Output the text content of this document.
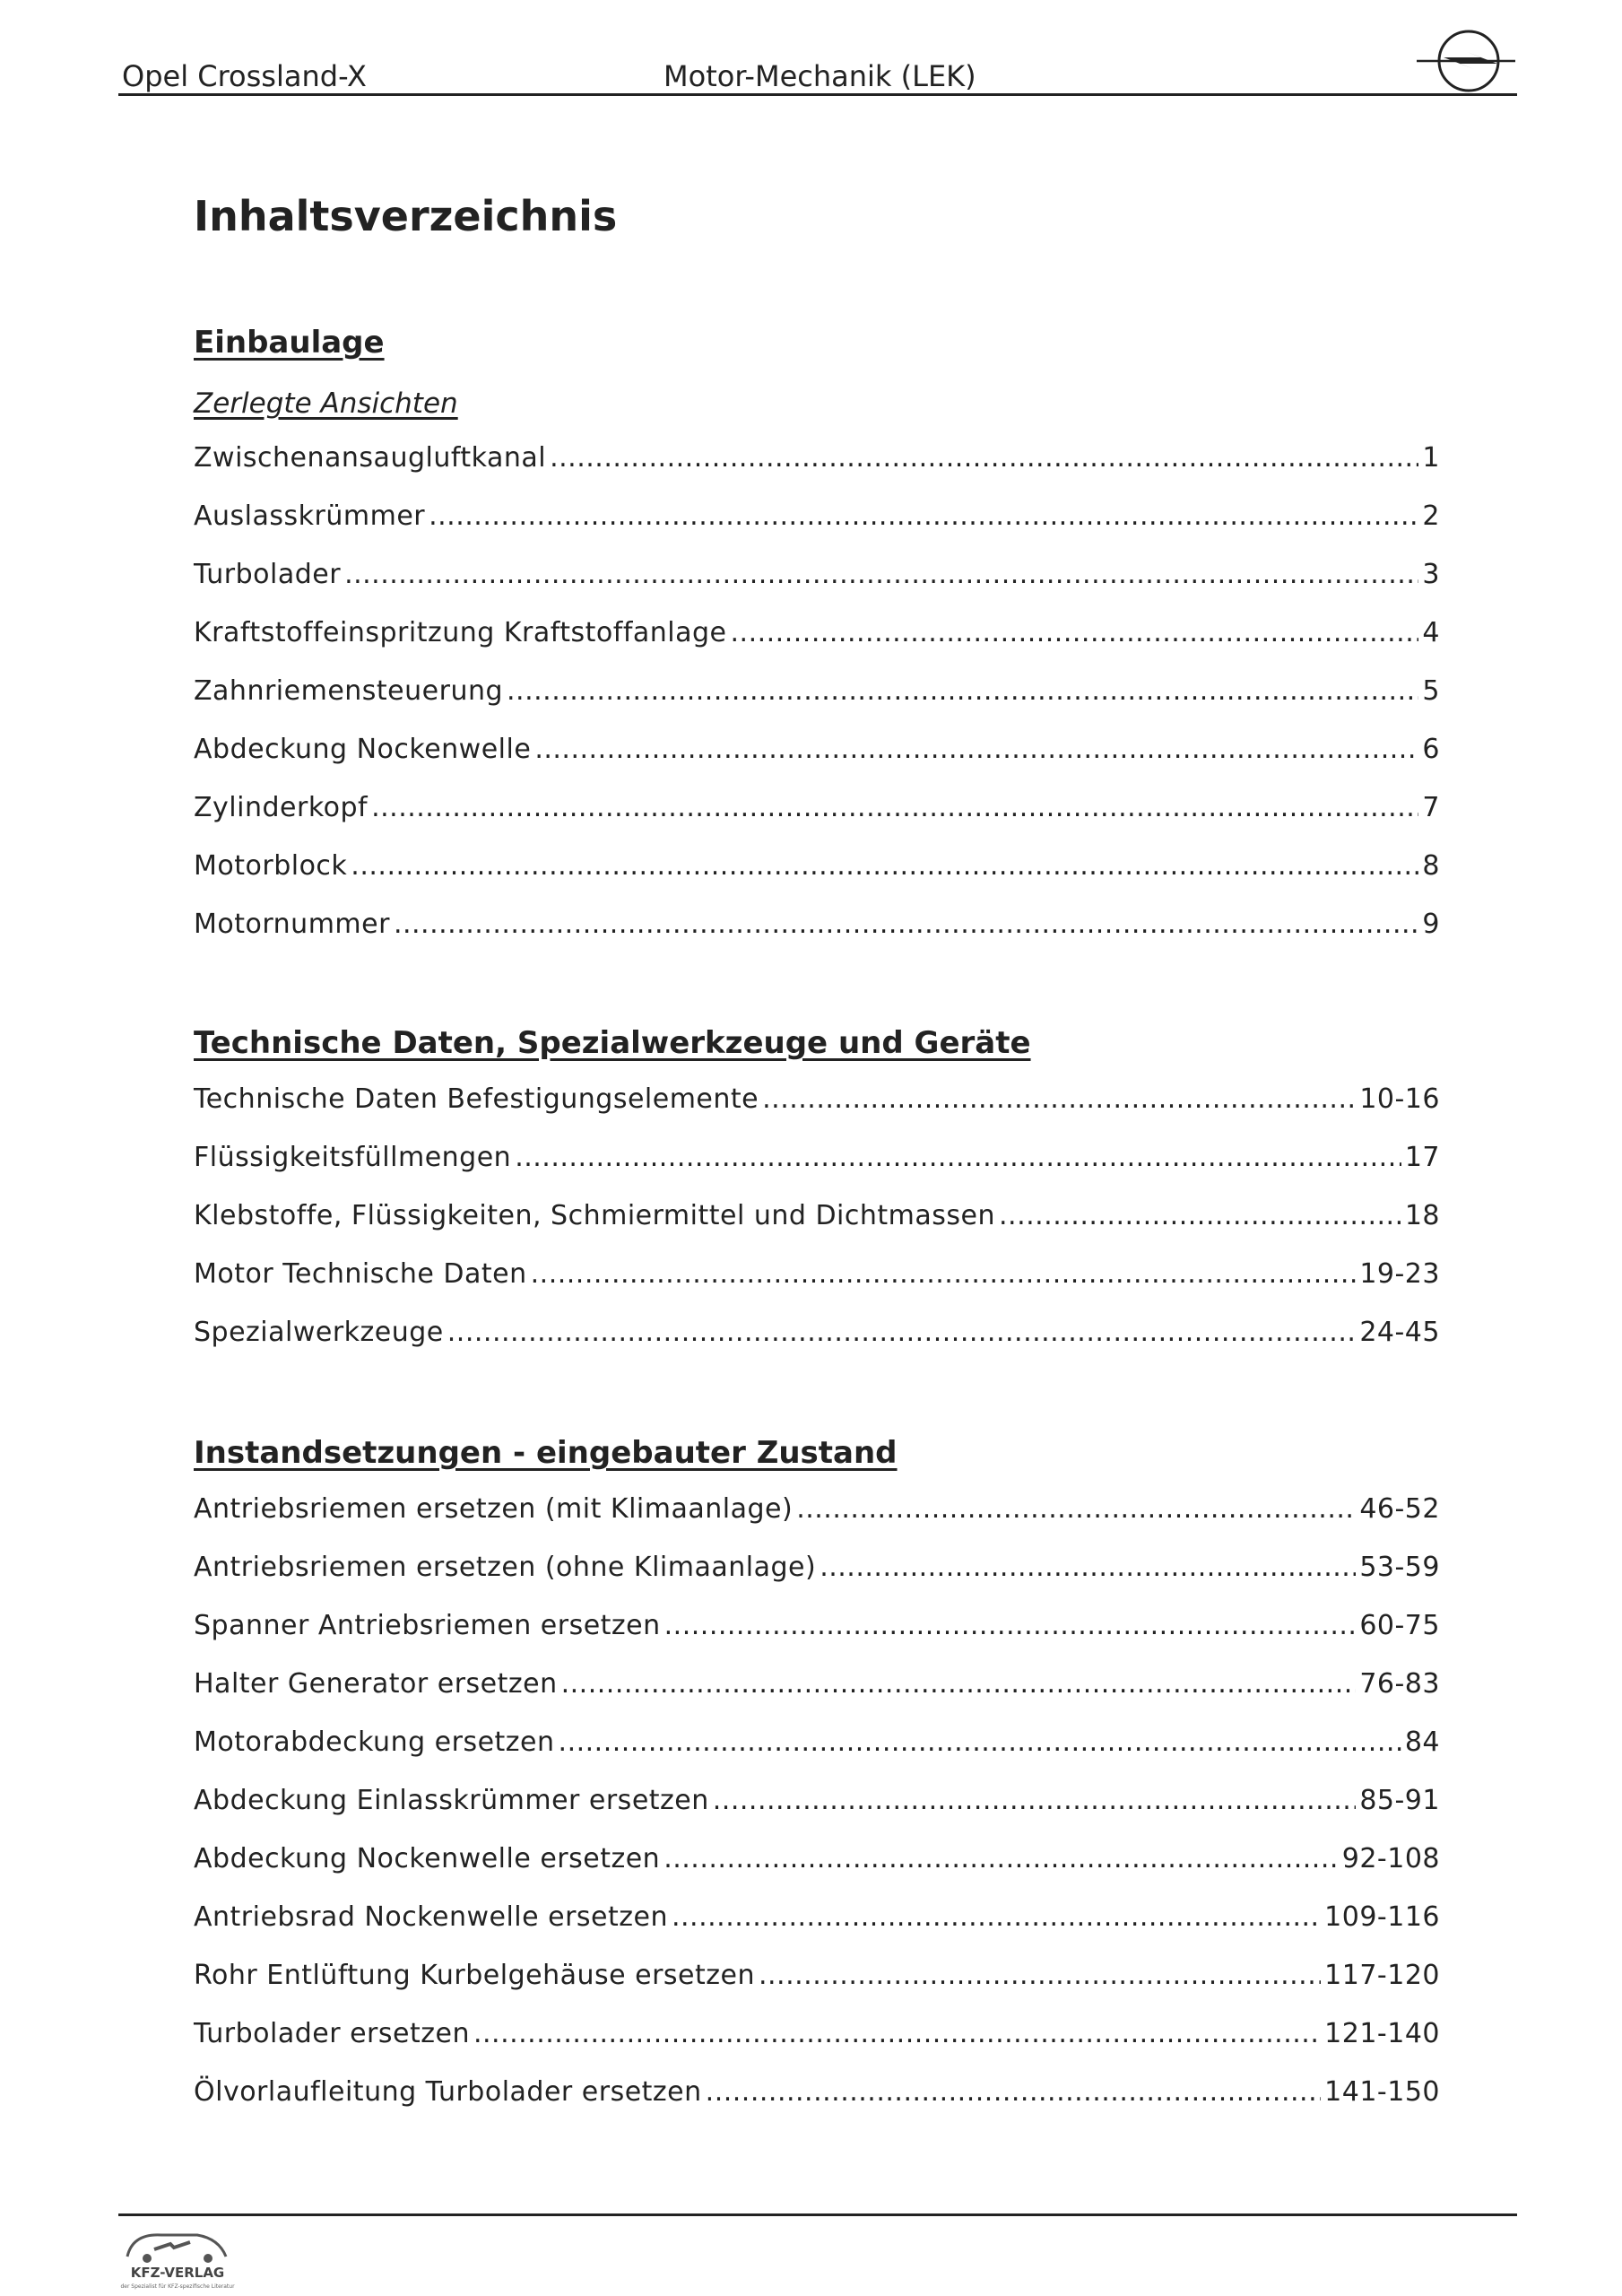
Opel Crossland-X	Motor-Mechanik (LEK)
Inhaltsverzeichnis
Einbaulage
Zerlegte Ansichten
Zwischenansaugluftkanal .....	1
Auslasskrümmer .....	2
Turbolader .....	3
Kraftstoffeinspritzung Kraftstoffanlage .....	4
Zahnriemensteuerung .....	5
Abdeckung Nockenwelle .....	6
Zylinderkopf .....	7
Motorblock .....	8
Motornummer .....	9
Technische Daten, Spezialwerkzeuge und Geräte
Technische Daten Befestigungselemente .....	10-16
Flüssigkeitsfüllmengen .....	17
Klebstoffe, Flüssigkeiten, Schmiermittel und Dichtmassen .....	18
Motor Technische Daten .....	19-23
Spezialwerkzeuge .....	24-45
Instandsetzungen - eingebauter Zustand
Antriebsriemen ersetzen (mit Klimaanlage) .....	46-52
Antriebsriemen ersetzen (ohne Klimaanlage) .....	53-59
Spanner Antriebsriemen ersetzen .....	60-75
Halter Generator ersetzen .....	76-83
Motorabdeckung ersetzen .....	84
Abdeckung Einlasskrümmer ersetzen .....	85-91
Abdeckung Nockenwelle ersetzen .....	92-108
Antriebsrad Nockenwelle ersetzen .....	109-116
Rohr Entlüftung Kurbelgehäuse ersetzen .....	117-120
Turbolader ersetzen .....	121-140
Ölvorlaufleitung Turbolader ersetzen .....	141-150
KFZ-VERLAG
der Spezialist für KFZ-spezifische Literatur
